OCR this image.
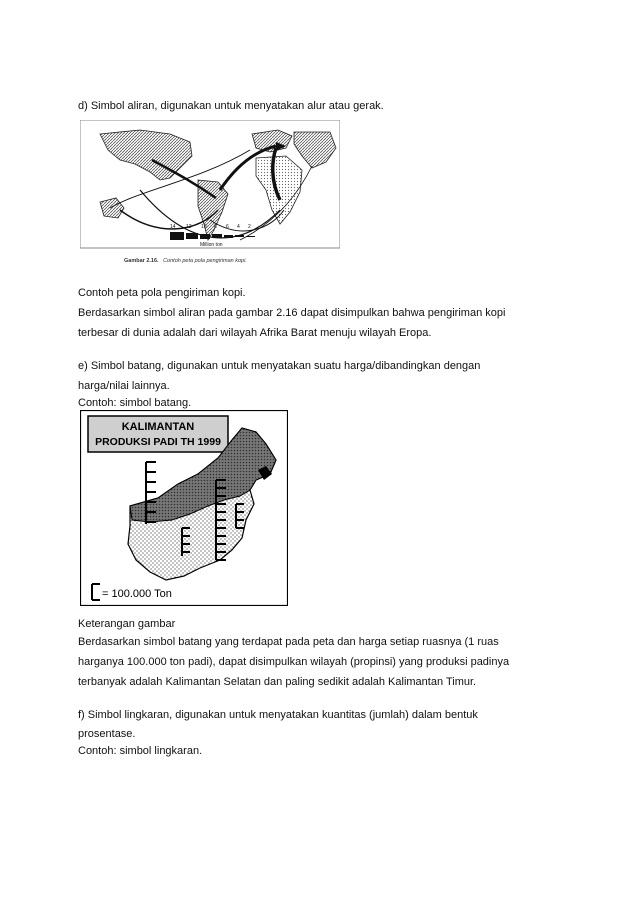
d) Simbol aliran, digunakan untuk menyatakan alur atau gerak.
14 12 10 8 6 4 2
Million ton
Gambar 2.16. Contoh peta pola pengiriman kopi.
Contoh peta pola pengiriman kopi.
Berdasarkan simbol aliran pada gambar 2.16 dapat disimpulkan bahwa pengiriman kopi
terbesar di dunia adalah dari wilayah Afrika Barat menuju wilayah Eropa.
e) Simbol batang, digunakan untuk menyatakan suatu harga/dibandingkan dengan
harga/nilai lainnya.
Contoh: simbol batang.
KALIMANTAN
PRODUKSI PADI TH 1999
= 100.000 Ton
Keterangan gambar
Berdasarkan simbol batang yang terdapat pada peta dan harga setiap ruasnya (1 ruas
harganya 100.000 ton padi), dapat disimpulkan wilayah (propinsi) yang produksi padinya
terbanyak adalah Kalimantan Selatan dan paling sedikit adalah Kalimantan Timur.
f) Simbol lingkaran, digunakan untuk menyatakan kuantitas (jumlah) dalam bentuk
prosentase.
Contoh: simbol lingkaran.
